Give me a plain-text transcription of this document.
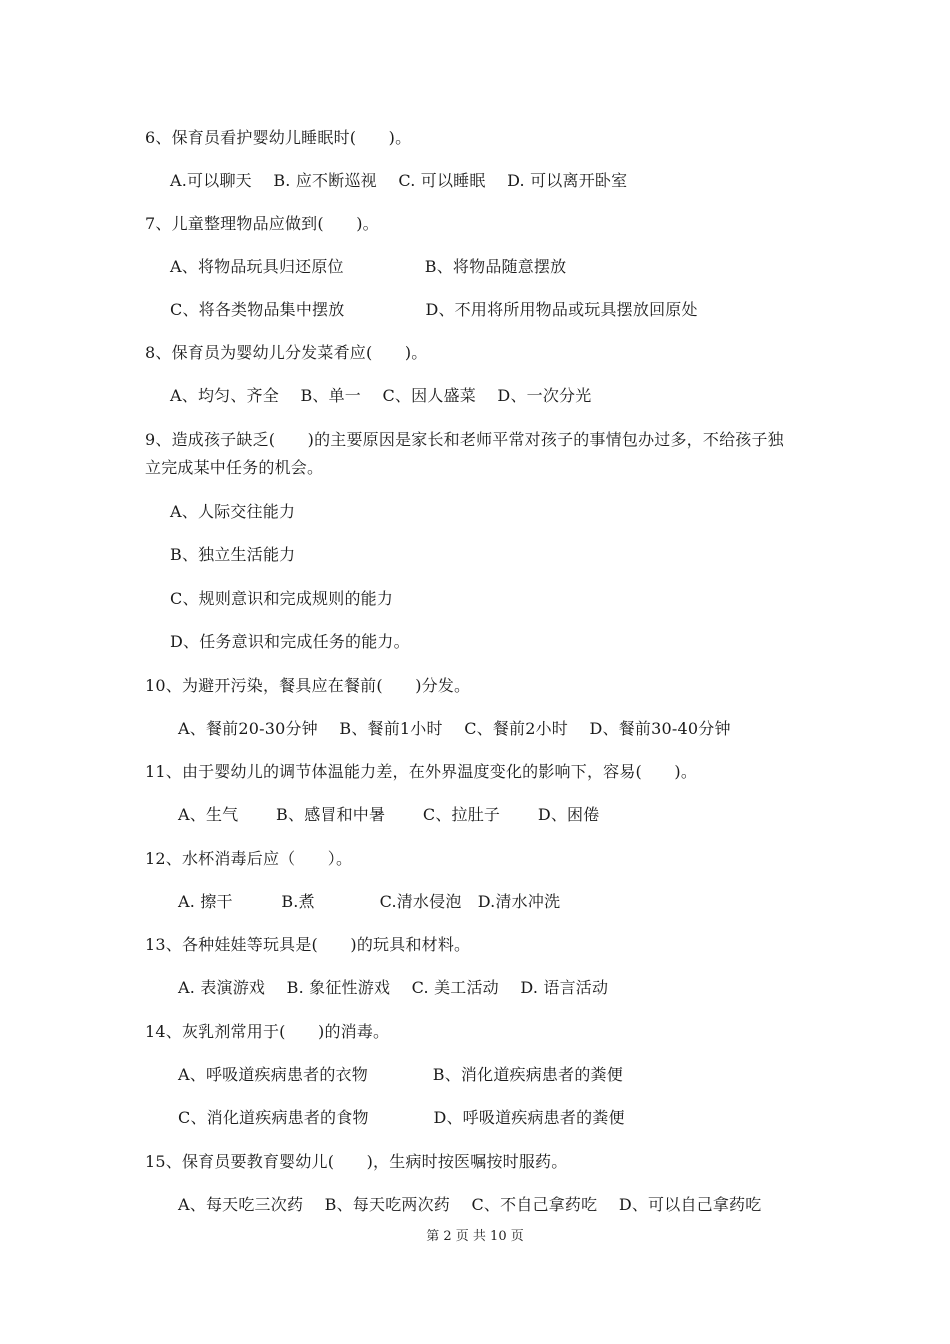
6、保育员看护婴幼儿睡眠时(　　)。
A.可以聊天　 B. 应不断巡视　 C. 可以睡眠　 D. 可以离开卧室
7、儿童整理物品应做到(　　)。
A、将物品玩具归还原位　　　　　B、将物品随意摆放
C、将各类物品集中摆放　　　　　D、不用将所用物品或玩具摆放回原处
8、保育员为婴幼儿分发菜肴应(　　)。
A、均匀、齐全　 B、单一　 C、因人盛菜　 D、一次分光
9、造成孩子缺乏(　　)的主要原因是家长和老师平常对孩子的事情包办过多，不给孩子独
立完成某中任务的机会。
A、人际交往能力
B、独立生活能力
C、规则意识和完成规则的能力
D、任务意识和完成任务的能力。
10、为避开污染，餐具应在餐前(　　)分发。
A、餐前20-30分钟　 B、餐前1小时　 C、餐前2小时　 D、餐前30-40分钟
11、由于婴幼儿的调节体温能力差，在外界温度变化的影响下，容易(　　)。
A、生气　　 B、感冒和中暑　　 C、拉肚子　　 D、困倦
12、水杯消毒后应（　　）。
A. 擦干　　　B.煮　　　　C.清水侵泡　D.清水冲洗
13、各种娃娃等玩具是(　　)的玩具和材料。
A. 表演游戏　 B. 象征性游戏　 C. 美工活动　 D. 语言活动
14、灰乳剂常用于(　　)的消毒。
A、呼吸道疾病患者的衣物　　　　B、消化道疾病患者的粪便
C、消化道疾病患者的食物　　　　D、呼吸道疾病患者的粪便
15、保育员要教育婴幼儿(　　)，生病时按医嘱按时服药。
A、每天吃三次药　 B、每天吃两次药　 C、不自己拿药吃　 D、可以自己拿药吃
第 2 页 共 10 页
